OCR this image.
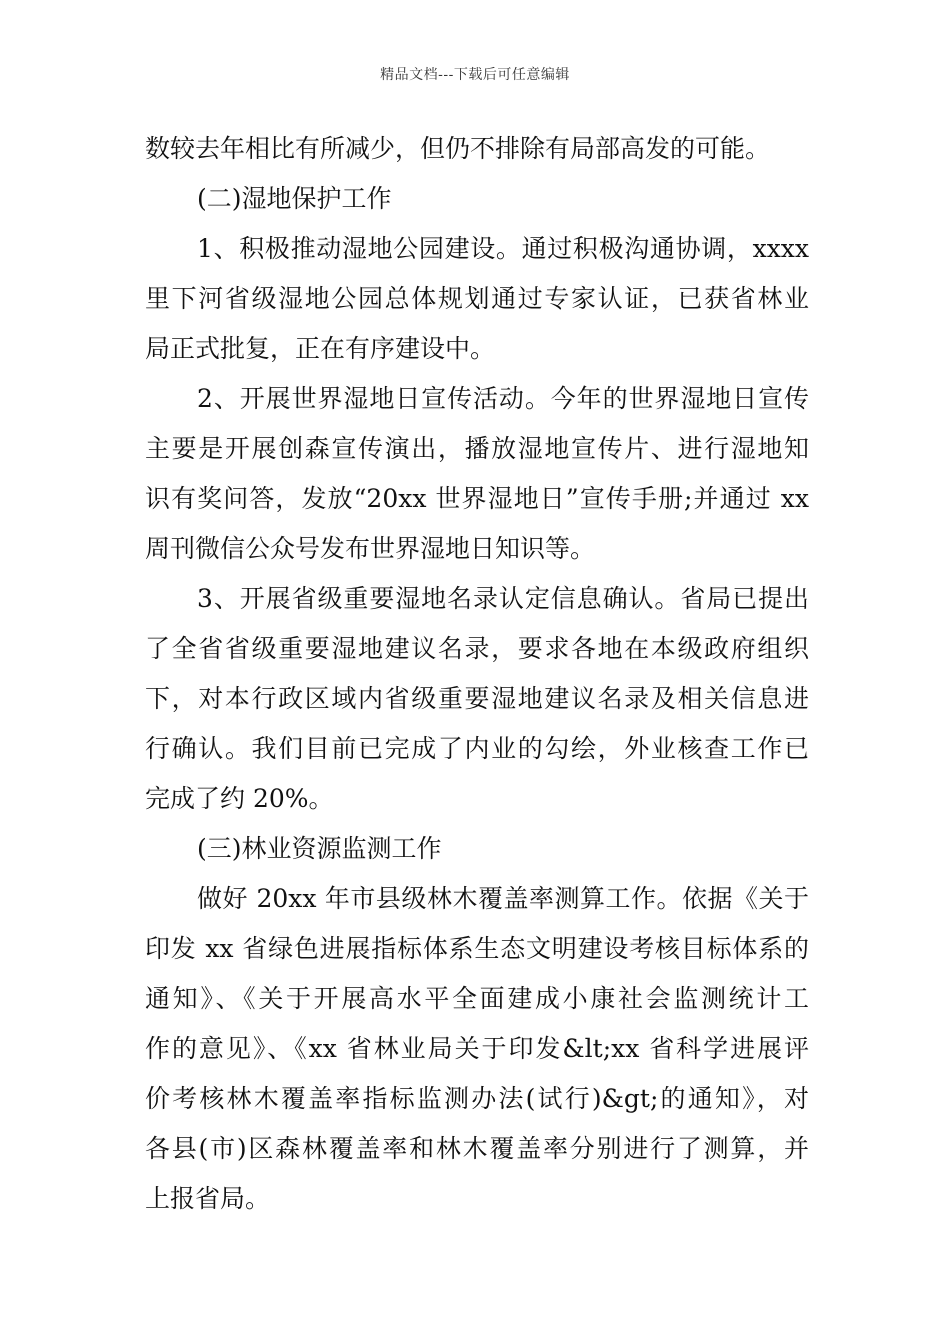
精品文档---下载后可任意编辑
数较去年相比有所减少，但仍不排除有局部高发的可能。
(二)湿地保护工作
1、积极推动湿地公园建设。通过积极沟通协调，xxxx
里下河省级湿地公园总体规划通过专家认证，已获省林业
局正式批复，正在有序建设中。
2、开展世界湿地日宣传活动。今年的世界湿地日宣传
主要是开展创森宣传演出，播放湿地宣传片、进行湿地知
识有奖问答，发放“20xx 世界湿地日”宣传手册;并通过 xx
周刊微信公众号发布世界湿地日知识等。
3、开展省级重要湿地名录认定信息确认。省局已提出
了全省省级重要湿地建议名录，要求各地在本级政府组织
下，对本行政区域内省级重要湿地建议名录及相关信息进
行确认。我们目前已完成了内业的勾绘，外业核查工作已
完成了约 20%。
(三)林业资源监测工作
做好 20xx 年市县级林木覆盖率测算工作。依据《关于
印发 xx 省绿色进展指标体系生态文明建设考核目标体系的
通知》、《关于开展高水平全面建成小康社会监测统计工
作的意见》、《xx 省林业局关于印发&lt;xx 省科学进展评
价考核林木覆盖率指标监测办法(试行)&gt;的通知》，对
各县(市)区森林覆盖率和林木覆盖率分别进行了测算，并
上报省局。
